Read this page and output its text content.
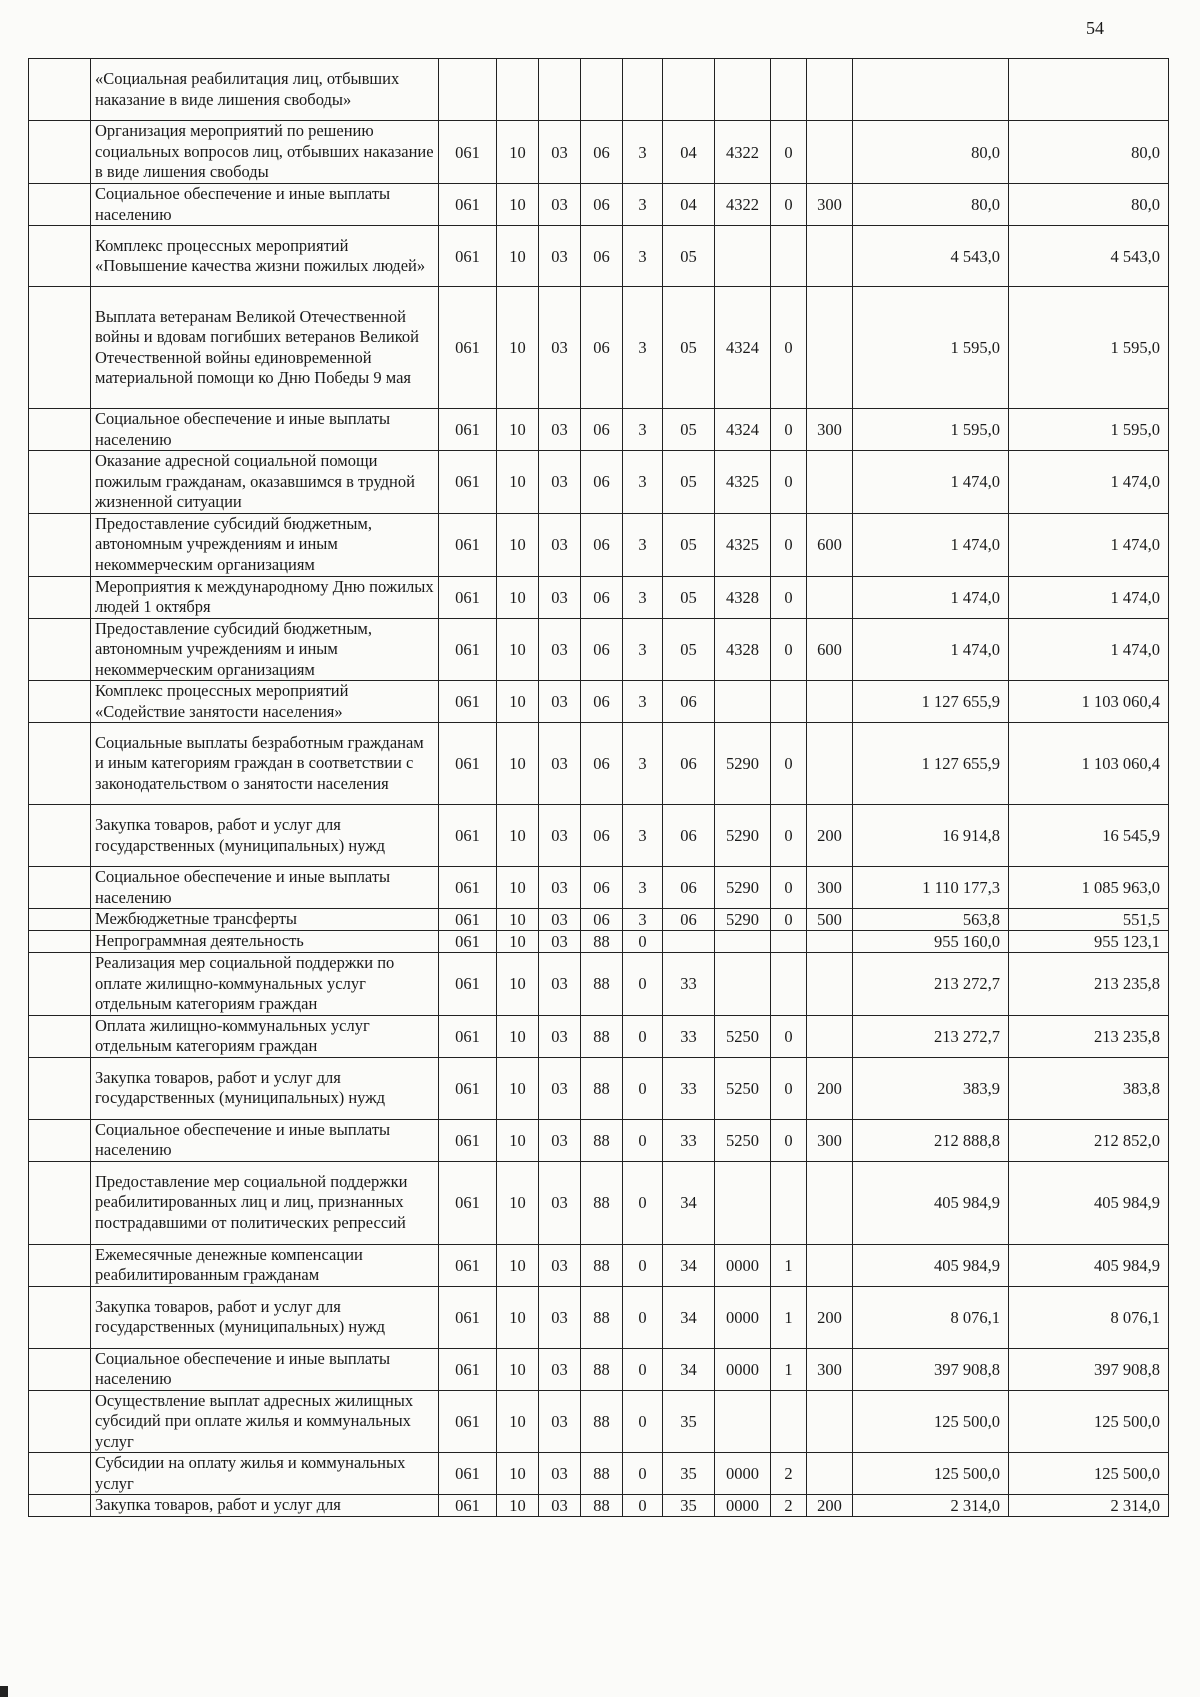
54
	«Социальная реабилитация лиц, отбывших наказание в виде лишения свободы»											
	Организация мероприятий по решению социальных вопросов лиц, отбывших наказание в виде лишения свободы	061	10	03	06	3	04	4322	0		80,0	80,0
	Социальное обеспечение и иные выплаты населению	061	10	03	06	3	04	4322	0	300	80,0	80,0
	Комплекс процессных мероприятий «Повышение качества жизни пожилых людей»	061	10	03	06	3	05				4 543,0	4 543,0
	Выплата ветеранам Великой Отечественной войны и вдовам погибших ветеранов Великой Отечественной войны единовременной материальной помощи ко Дню Победы 9 мая	061	10	03	06	3	05	4324	0		1 595,0	1 595,0
	Социальное обеспечение и иные выплаты населению	061	10	03	06	3	05	4324	0	300	1 595,0	1 595,0
	Оказание адресной социальной помощи пожилым гражданам, оказавшимся в трудной жизненной ситуации	061	10	03	06	3	05	4325	0		1 474,0	1 474,0
	Предоставление субсидий бюджетным, автономным учреждениям и иным некоммерческим организациям	061	10	03	06	3	05	4325	0	600	1 474,0	1 474,0
	Мероприятия к международному Дню пожилых людей 1 октября	061	10	03	06	3	05	4328	0		1 474,0	1 474,0
	Предоставление субсидий бюджетным, автономным учреждениям и иным некоммерческим организациям	061	10	03	06	3	05	4328	0	600	1 474,0	1 474,0
	Комплекс процессных мероприятий «Содействие занятости населения»	061	10	03	06	3	06				1 127 655,9	1 103 060,4
	Социальные выплаты безработным гражданам и иным категориям граждан в соответствии с законодательством о занятости населения	061	10	03	06	3	06	5290	0		1 127 655,9	1 103 060,4
	Закупка товаров, работ и услуг для государственных (муниципальных) нужд	061	10	03	06	3	06	5290	0	200	16 914,8	16 545,9
	Социальное обеспечение и иные выплаты населению	061	10	03	06	3	06	5290	0	300	1 110 177,3	1 085 963,0
	Межбюджетные трансферты	061	10	03	06	3	06	5290	0	500	563,8	551,5
	Непрограммная деятельность	061	10	03	88	0					955 160,0	955 123,1
	Реализация мер социальной поддержки по оплате жилищно-коммунальных услуг отдельным категориям граждан	061	10	03	88	0	33				213 272,7	213 235,8
	Оплата жилищно-коммунальных услуг отдельным категориям граждан	061	10	03	88	0	33	5250	0		213 272,7	213 235,8
	Закупка товаров, работ и услуг для государственных (муниципальных) нужд	061	10	03	88	0	33	5250	0	200	383,9	383,8
	Социальное обеспечение и иные выплаты населению	061	10	03	88	0	33	5250	0	300	212 888,8	212 852,0
	Предоставление мер социальной поддержки реабилитированных лиц и лиц, признанных пострадавшими от политических репрессий	061	10	03	88	0	34				405 984,9	405 984,9
	Ежемесячные денежные компенсации реабилитированным гражданам	061	10	03	88	0	34	0000	1		405 984,9	405 984,9
	Закупка товаров, работ и услуг для государственных (муниципальных) нужд	061	10	03	88	0	34	0000	1	200	8 076,1	8 076,1
	Социальное обеспечение и иные выплаты населению	061	10	03	88	0	34	0000	1	300	397 908,8	397 908,8
	Осуществление выплат адресных жилищных субсидий при оплате жилья и коммунальных услуг	061	10	03	88	0	35				125 500,0	125 500,0
	Субсидии на оплату жилья и коммунальных услуг	061	10	03	88	0	35	0000	2		125 500,0	125 500,0
	Закупка товаров, работ и услуг для	061	10	03	88	0	35	0000	2	200	2 314,0	2 314,0
